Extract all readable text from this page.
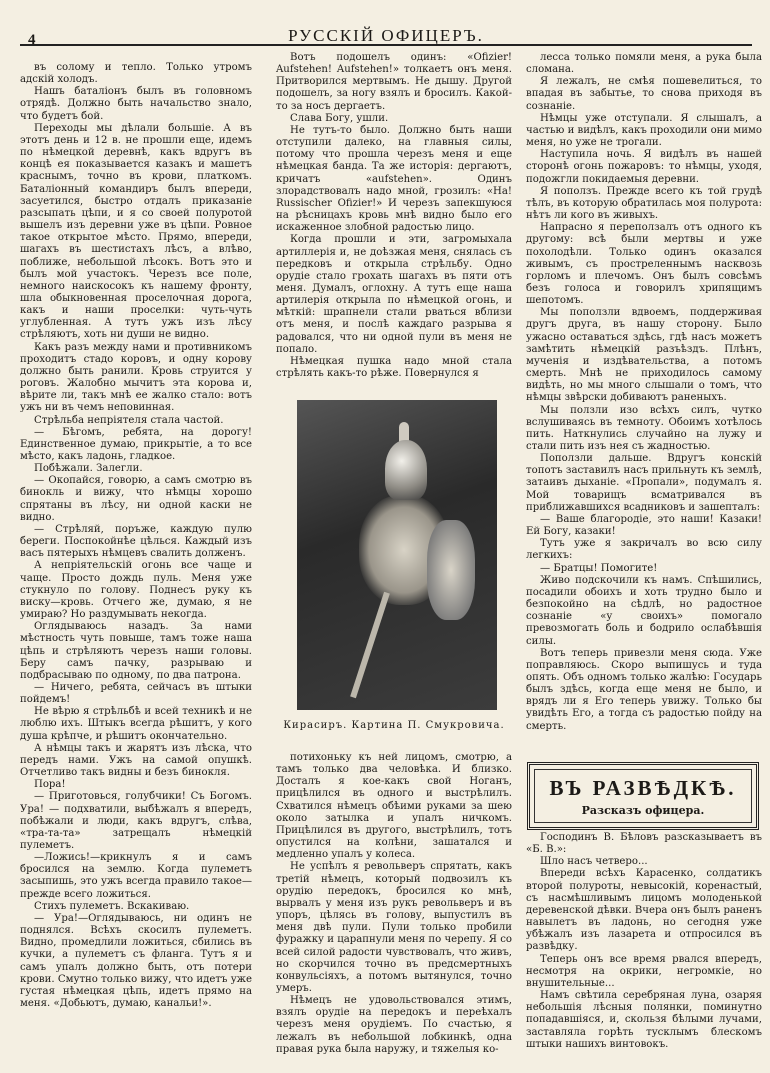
4	РУССКІЙ ОФИЦЕРЪ.

въ солому и тепло. Только утромъ адскій холодъ.

Нашъ баталіонъ былъ въ головномъ отрядѣ. Должно быть начальство знало, что будетъ бой.

Переходы мы дѣлали большіе. А въ этотъ день и 12 в. не прошли еще, идемъ по нѣмецкой деревнѣ, какъ вдругъ въ концѣ ея показывается казакъ и машетъ краснымъ, точно въ крови, платкомъ. Баталіонный командиръ былъ впереди, засуетился, быстро отдалъ приказаніе разсыпать цѣпи, и я со своей полуротой вышелъ изъ деревни уже въ цѣпи. Ровное такое открытое мѣсто. Прямо, впереди, шагахъ въ шестистахъ лѣсъ, а влѣво, поближе, небольшой лѣсокъ. Вотъ это и былъ мой участокъ. Черезъ все поле, немного наискосокъ къ нашему фронту, шла обыкновенная проселочная дорога, какъ и наши проселки: чуть-чуть углубленная. А тутъ ужъ изъ лѣсу стрѣляютъ, хоть ни души не видно.

Какъ разъ между нами и противникомъ проходитъ стадо коровъ, и одну корову должно быть ранили. Кровь струится у роговъ. Жалобно мычитъ эта корова и, вѣрите ли, такъ мнѣ ее жалко стало: вотъ ужъ ни въ чемъ неповинная.

Стрѣльба непріятеля стала частой.

— Бѣгомъ, ребята, на дорогу! Единственное думаю, прикрытіе, а то все мѣсто, какъ ладонь, гладкое.

Побѣжали. Залегли.

— Окопайся, говорю, а самъ смотрю въ бинокль и вижу, что нѣмцы хорошо спрятаны въ лѣсу, ни одной каски не видно.

— Стрѣляй, поръже, каждую пулю береги. Поспокойнѣе цѣлься. Каждый изъ васъ пятерыхъ нѣмцевъ свалить долженъ.

А непріятельскій огонь все чаще и чаще. Просто дождь пуль. Меня уже стукнуло по голову. Поднесъ руку къ виску—кровь. Отчего же, думаю, я не умираю? Но раздумывать некогда.

Оглядываюсь назадъ. За нами мѣстность чуть повыше, тамъ тоже наша цѣпь и стрѣляютъ черезъ наши головы. Беру самъ пачку, разрываю и подбрасываю по одному, по два патрона.

— Ничего, ребята, сейчасъ въ штыки пойдемъ!

Не вѣрю я стрѣльбѣ и всей техникѣ и не люблю ихъ. Штыкъ всегда рѣшитъ, у кого душа крѣпче, и рѣшитъ окончательно.

А нѣмцы такъ и жарятъ изъ лѣска, что передъ нами. Ужъ на самой опушкѣ. Отчетливо такъ видны и безъ бинокля.

Пора!

— Приготовься, голубчики! Съ Богомъ. Ура! — подхватили, выбѣжалъ я впередъ, побѣжали и люди, какъ вдругъ, слѣва, «тра-та-та» затрещалъ нѣмецкій пулеметъ.

—Ложись!—крикнулъ я и самъ бросился на землю. Когда пулеметъ засыпишь, это ужъ всегда правило такое—прежде всего ложиться.

Стихъ пулеметъ. Вскакиваю.

— Ура!—Оглядываюсь, ни одинъ не поднялся. Всѣхъ скосилъ пулеметъ. Видно, промедлили ложиться, сбились въ кучки, а пулеметъ съ фланга. Тутъ я и самъ упалъ должно быть, отъ потери крови. Смутно только вижу, что идетъ уже густая нѣмецкая цѣпь, идетъ прямо на меня. «Добьютъ, думаю, канальи!».

Вотъ подошелъ одинъ: «Ofizier! Aufstehen! Aufstehen!» толкаетъ онъ меня. Притворился мертвымъ. Не дышу. Другой подошелъ, за ногу взялъ и бросилъ. Какой-то за носъ дергаетъ.

Слава Богу, ушли.

Не тутъ-то было. Должно быть наши отступили далеко, на главныя силы, потому что прошла черезъ меня и еще нѣмецкая банда. Та же исторія: дергаютъ, кричатъ «aufstehen». Одинъ злорадствовалъ надо мной, грозилъ: «Ha! Russischer Ofizier!» И черезъ запекшуюся на рѣсницахъ кровь мнѣ видно было его искаженное злобной радостью лицо.

Когда прошли и эти, загромыхала артиллерія и, не доѣзжая меня, снялась съ передковъ и открыла стрѣльбу. Одно орудіе стало грохать шагахъ въ пяти отъ меня. Думалъ, оглохну. А тутъ еще наша артилерія открыла по нѣмецкой огонь, и мѣткій: шрапнели стали рваться вблизи отъ меня, и послѣ каждаго разрыва я радовался, что ни одной пули въ меня не попало.

Нѣмецкая пушка надо мной стала стрѣлять какъ-то рѣже. Повернулся я

Кирасиръ. Картина П. Смукровича.

потихоньку къ ней лицомъ, смотрю, а тамъ только два человѣка. И близко. Досталъ я кое-какъ свой Ноганъ, прицѣлился въ одного и выстрѣлилъ. Схватился нѣмецъ обѣими руками за шею около затылка и упалъ ничкомъ. Прицѣлился въ другого, выстрѣлилъ, тотъ опустился на колѣни, зашатался и медленно упалъ у колеса.

Не успѣлъ я револьверъ спрятать, какъ третій нѣмецъ, который подвозилъ къ орудію передокъ, бросился ко мнѣ, вырвалъ у меня изъ рукъ револьверъ и въ упоръ, цѣлясь въ голову, выпустилъ въ меня двѣ пули. Пули только пробили фуражку и царапнули меня по черепу. Я со всей силой радости чувствовалъ, что живъ, но скорчился точно въ предсмертныхъ конвульсіяхъ, а потомъ вытянулся, точно умеръ.

Нѣмецъ не удовольствовался этимъ, взялъ орудіе на передокъ и переѣхалъ черезъ меня орудіемъ. По счастью, я лежалъ въ небольшой лобкинкѣ, одна правая рука была наружу, и тяжелыя ко-

лесса только помяли меня, а рука была сломана.

Я лежалъ, не смѣя пошевелиться, то впадая въ забытье, то снова приходя въ сознаніе.

Нѣмцы уже отступали. Я слышалъ, а частью и видѣлъ, какъ проходили они мимо меня, но уже не трогали.

Наступила ночь. Я видѣлъ въ нашей сторонѣ огонь пожаровъ: то нѣмцы, уходя, подожгли покидаемыя деревни.

Я поползъ. Прежде всего къ той грудѣ тѣлъ, въ которую обратилась моя полурота: нѣтъ ли кого въ живыхъ.

Напрасно я переползалъ отъ одного къ другому: всѣ были мертвы и уже похолодѣли. Только одинъ оказался живымъ, съ простреленнымъ насквозь горломъ и плечомъ. Онъ былъ совсѣмъ безъ голоса и говорилъ хрипящимъ шепотомъ.

Мы поползли вдвоемъ, поддерживая другъ друга, въ нашу сторону. Было ужасно оставаться здѣсь, гдѣ насъ можетъ замѣтить нѣмецкій разъѣздъ. Плѣнъ, мученія и издѣвательства, а потомъ смерть. Мнѣ не приходилось самому видѣть, но мы много слышали о томъ, что нѣмцы звѣрски добиваютъ раненыхъ.

Мы ползли изо всѣхъ силъ, чутко вслушиваясь въ темноту. Обоимъ хотѣлось пить. Наткнулись случайно на лужу и стали пить изъ нея съ жадностью.

Поползли дальше. Вдругъ конскій топотъ заставилъ насъ прильнуть къ землѣ, затаивъ дыханіе. «Пропали», подумалъ я. Мой товарищъ всматривался въ приближавшихся всадниковъ и зашепталъ:

— Ваше благородіе, это наши! Казаки! Ей Богу, казаки!

Тутъ уже я закричалъ во всю силу легкихъ:

— Братцы! Помогите!

Живо подскочили къ намъ. Спѣшились, посадили обоихъ и хоть трудно было и безпокойно на сѣдлѣ, но радостное сознаніе «у своихъ» помогало превозмогать боль и бодрило ослабѣвшія силы.

Вотъ теперь привезли меня сюда. Уже поправляюсь. Скоро выпишусь и туда опять. Объ одномъ только жалѣю: Государь былъ здѣсь, когда еще меня не было, и врядъ ли я Его теперь увижу. Только бы увидѣть Его, а тогда съ радостью пойду на смерть.

ВЪ РАЗВѢДКѢ.
Разсказъ офицера.

Господинъ В. Бѣловъ разсказываетъ въ «Б. В.»:

Шло насъ четверо...

Впереди всѣхъ Карасенко, солдатикъ второй полуроты, невысокій, коренастый, съ насмѣшливымъ лицомъ молоденькой деревенской дѣвки. Вчера онъ былъ раненъ навылетъ въ ладонь, но сегодня уже убѣжалъ изъ лазарета и отпросился въ развѣдку.

Теперь онъ все время рвался впередъ, несмотря на окрики, негромкіе, но внушительные...

Намъ свѣтила серебряная луна, озаряя небольшія лѣсныя полянки, поминутно попадавшіяся, и, скользя бѣлыми лучами, заставляла горѣть тусклымъ блескомъ штыки нашихъ винтовокъ.
